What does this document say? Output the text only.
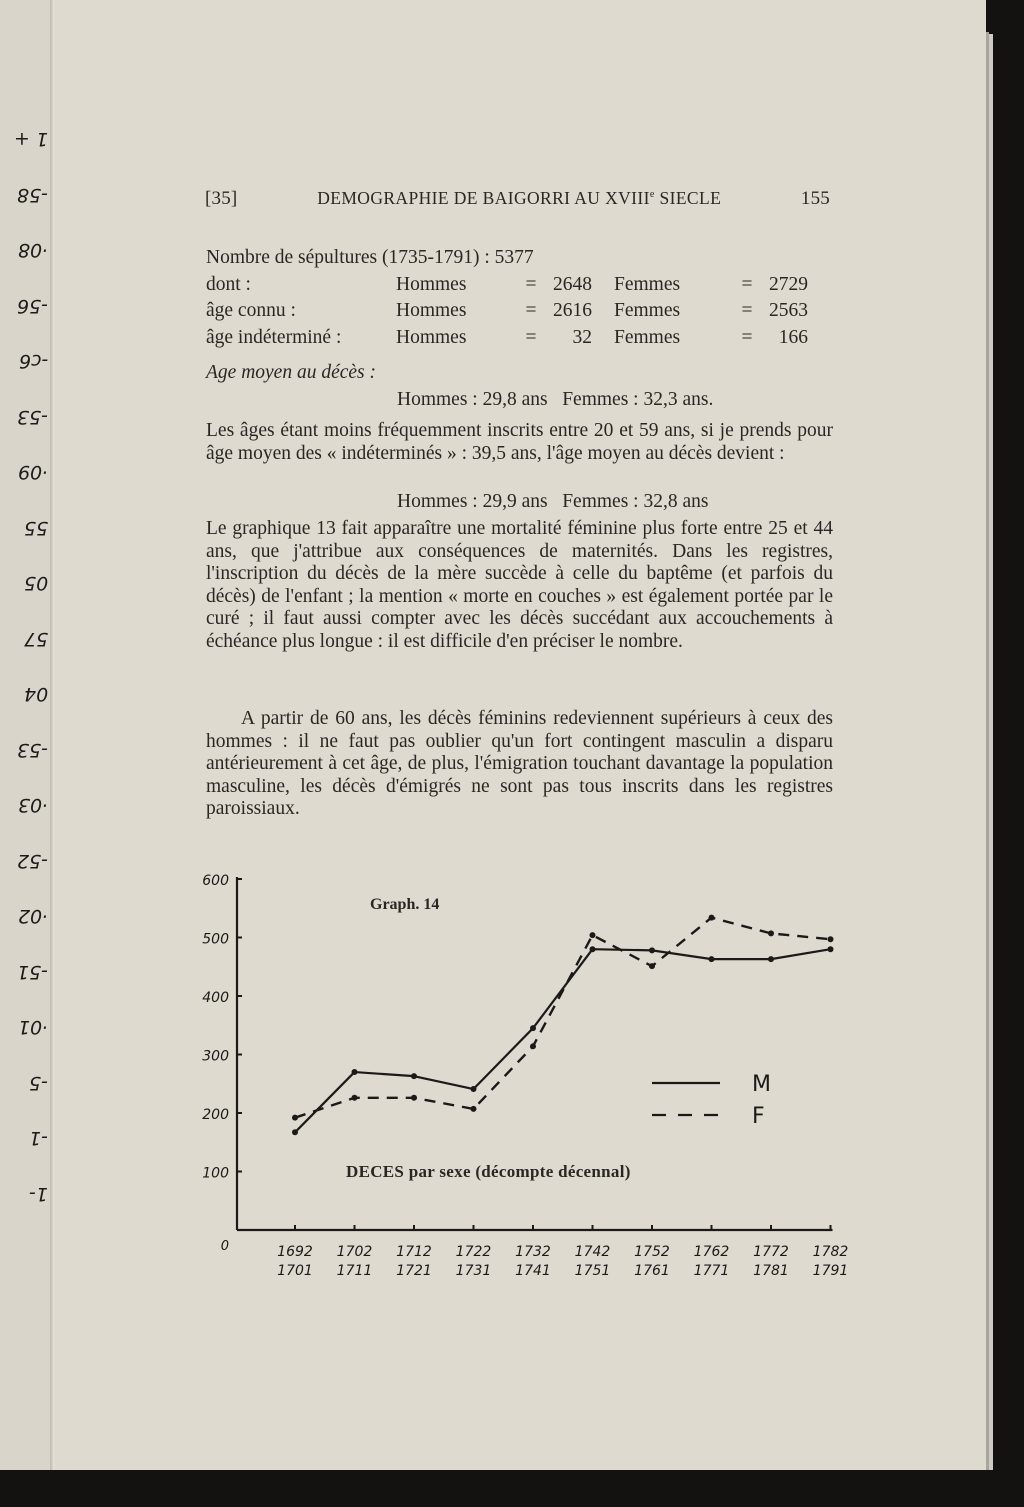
1 +
-58
·08
-56
-c6
-53
·09
55
05
57
04
-53
·03
-52
·02
-51
·01
-5
-1
1-
[35]	DEMOGRAPHIE DE BAIGORRI AU XVIIIe SIECLE	155
Nombre de sépultures (1735-1791) : 5377
dont :	Hommes	= 2648 Femmes	= 2729
âge connu :	Hommes	= 2616 Femmes	= 2563
âge indéterminé :	Hommes	=	32 Femmes	=	166
Age moyen au décès :
Hommes : 29,8 ans   Femmes : 32,3 ans.

Les âges étant moins fréquemment inscrits entre 20 et 59 ans, si je prends pour âge moyen des « indéterminés » : 39,5 ans, l'âge moyen au décès devient :

Hommes : 29,9 ans   Femmes : 32,8 ans

Le graphique 13 fait apparaître une mortalité féminine plus forte entre 25 et 44 ans, que j'attribue aux conséquences de maternités. Dans les registres, l'inscription du décès de la mère succède à celle du baptême (et parfois du décès) de l'enfant ; la mention « morte en couches » est également portée par le curé ; il faut aussi compter avec les décès succédant aux accouchements à échéance plus longue : il est difficile d'en préciser le nombre.

A partir de 60 ans, les décès féminins redeviennent supérieurs à ceux des hommes : il ne faut pas oublier qu'un fort contingent masculin a disparu antérieurement à cet âge, de plus, l'émigration touchant davantage la population masculine, les décès d'émigrés ne sont pas tous inscrits dans les registres paroissiaux.

0
100
200
300
400
500
600
1692
1701
1702
1711
1712
1721
1722
1731
1732
1741
1742
1751
1752
1761
1762
1771
1772
1781
1782
1791
M
F
Graph. 14
DECES par sexe (décompte décennal)
